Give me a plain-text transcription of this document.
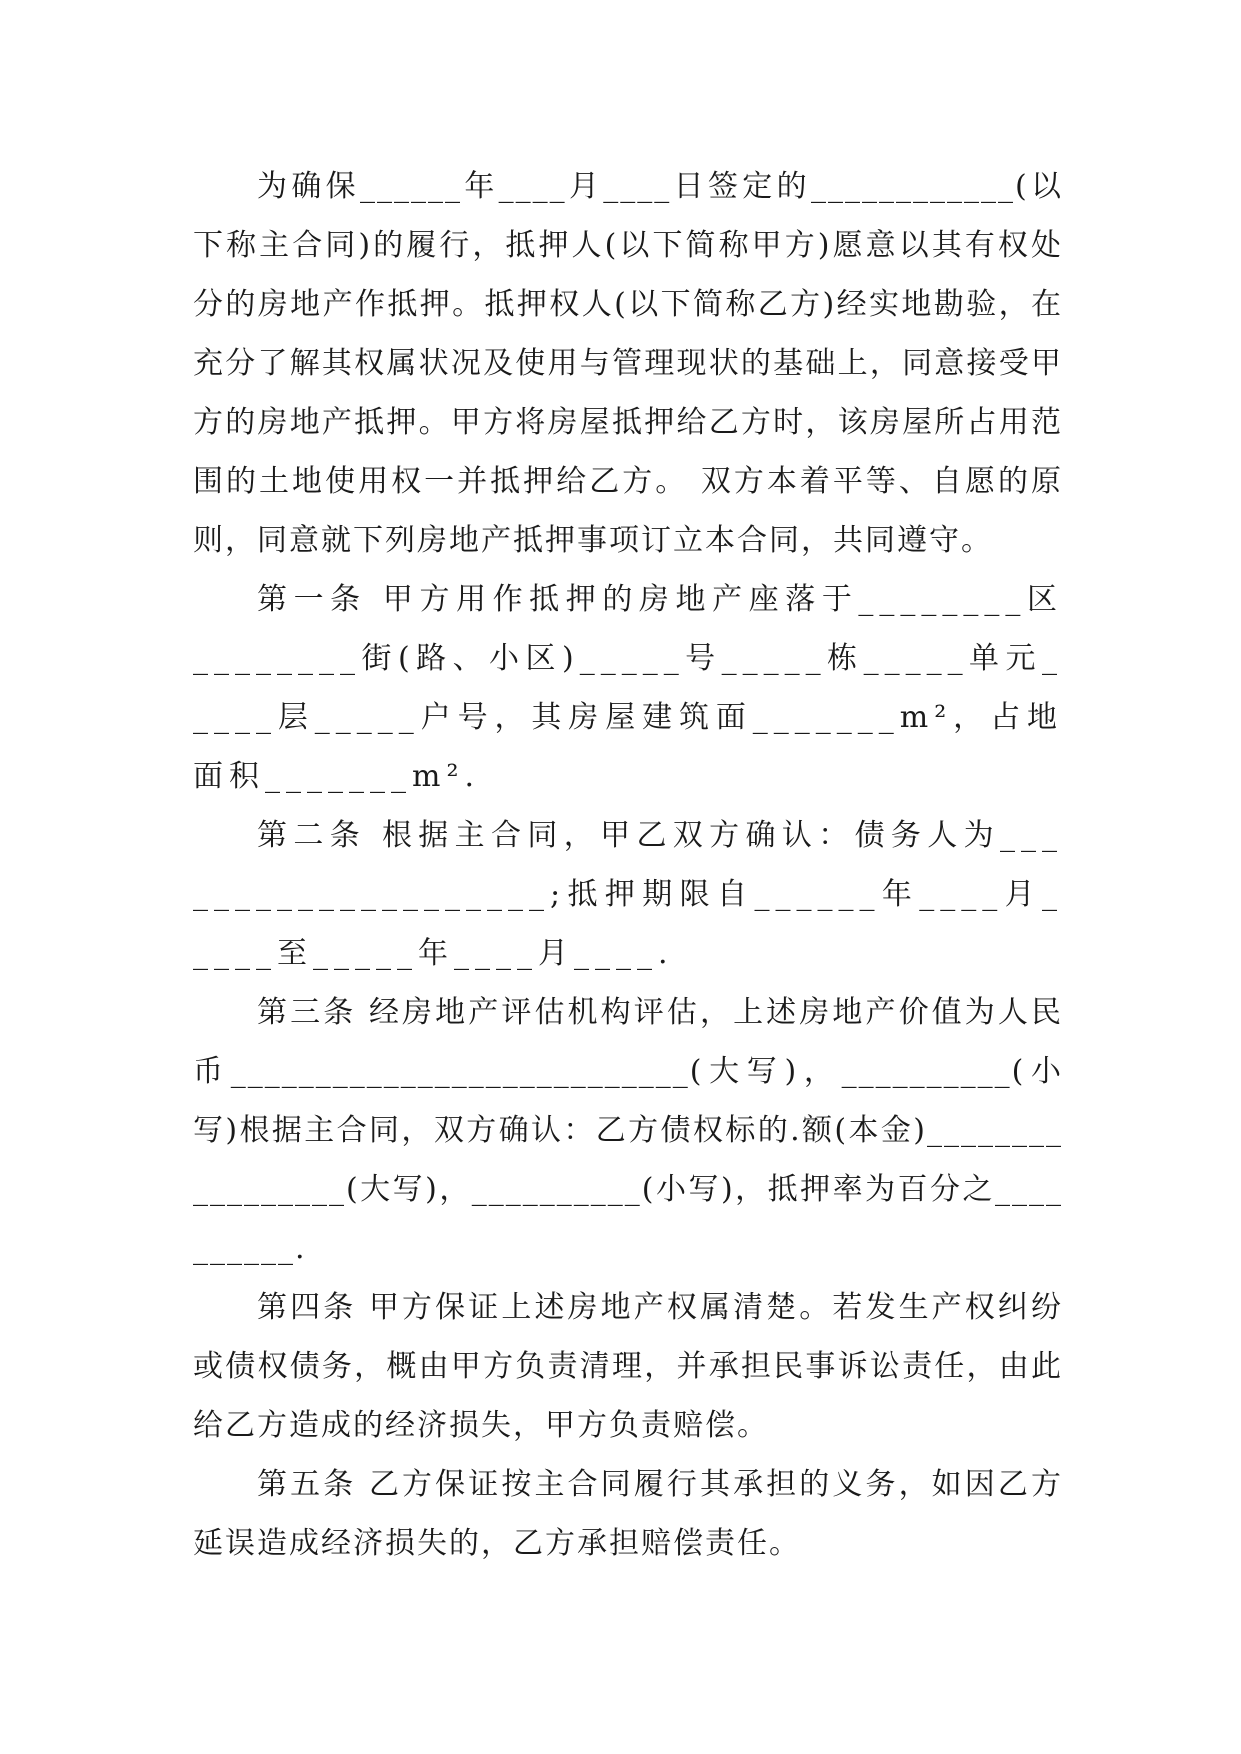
为确保______年____月____日签定的____________(以下称主合同)的履行，抵押人(以下简称甲方)愿意以其有权处分的房地产作抵押。抵押权人(以下简称乙方)经实地勘验，在充分了解其权属状况及使用与管理现状的基础上，同意接受甲方的房地产抵押。甲方将房屋抵押给乙方时，该房屋所占用范围的土地使用权一并抵押给乙方。 双方本着平等、自愿的原则，同意就下列房地产抵押事项订立本合同，共同遵守。

第一条 甲方用作抵押的房地产座落于________区________街(路、小区)_____号_____栋_____单元_____层_____户号，其房屋建筑面_______m²，占地面积_______m².

第二条 根据主合同，甲乙双方确认：债务人为____________________;抵押期限自______年____月_____至_____年____月____.

第三条 经房地产评估机构评估，上述房地产价值为人民币___________________________(大写)，__________(小写)根据主合同，双方确认：乙方债权标的.额(本金)_________________(大写)，__________(小写)，抵押率为百分之__________.

第四条 甲方保证上述房地产权属清楚。若发生产权纠纷或债权债务，概由甲方负责清理，并承担民事诉讼责任，由此给乙方造成的经济损失，甲方负责赔偿。

第五条 乙方保证按主合同履行其承担的义务，如因乙方延误造成经济损失的，乙方承担赔偿责任。
